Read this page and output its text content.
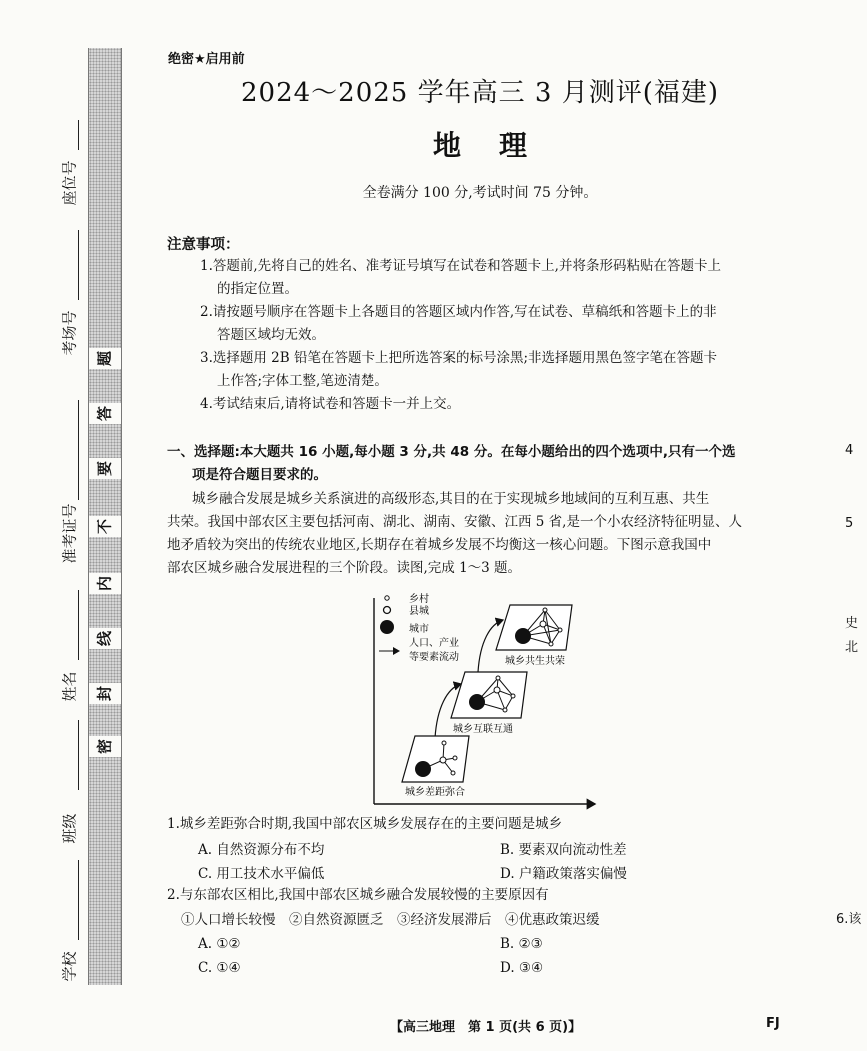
题
答
要
不
内
线
封
密
座位号
考场号
准考证号
姓名
班级
学校
绝密★启用前
2024～2025 学年高三 3 月测评(福建)
地理
全卷满分 100 分,考试时间 75 分钟。
注意事项：
1.答题前,先将自己的姓名、准考证号填写在试卷和答题卡上,并将条形码粘贴在答题卡上
的指定位置。
2.请按题号顺序在答题卡上各题目的答题区域内作答,写在试卷、草稿纸和答题卡上的非
答题区域均无效。
3.选择题用 2B 铅笔在答题卡上把所选答案的标号涂黑;非选择题用黑色签字笔在答题卡
上作答;字体工整,笔迹清楚。
4.考试结束后,请将试卷和答题卡一并上交。
一、选择题:本大题共 16 小题,每小题 3 分,共 48 分。在每小题给出的四个选项中,只有一个选
项是符合题目要求的。
城乡融合发展是城乡关系演进的高级形态,其目的在于实现城乡地域间的互利互惠、共生
共荣。我国中部农区主要包括河南、湖北、湖南、安徽、江西 5 省,是一个小农经济特征明显、人
地矛盾较为突出的传统农业地区,长期存在着城乡发展不均衡这一核心问题。下图示意我国中
部农区城乡融合发展进程的三个阶段。读图,完成 1～3 题。
乡村
县城
城市
人口、产业
等要素流动
城乡差距弥合
城乡互联互通
城乡共生共荣
1.城乡差距弥合时期,我国中部农区城乡发展存在的主要问题是城乡
A. 自然资源分布不均	B. 要素双向流动性差
C. 用工技术水平偏低	D. 户籍政策落实偏慢
2.与东部农区相比,我国中部农区城乡融合发展较慢的主要原因有
①人口增长较慢　②自然资源匮乏　③经济发展滞后　④优惠政策迟缓
A. ①②	B. ②③
C. ①④	D. ③④
【高三地理　第 1 页(共 6 页)】	FJ
4
5
史
北
6.该
